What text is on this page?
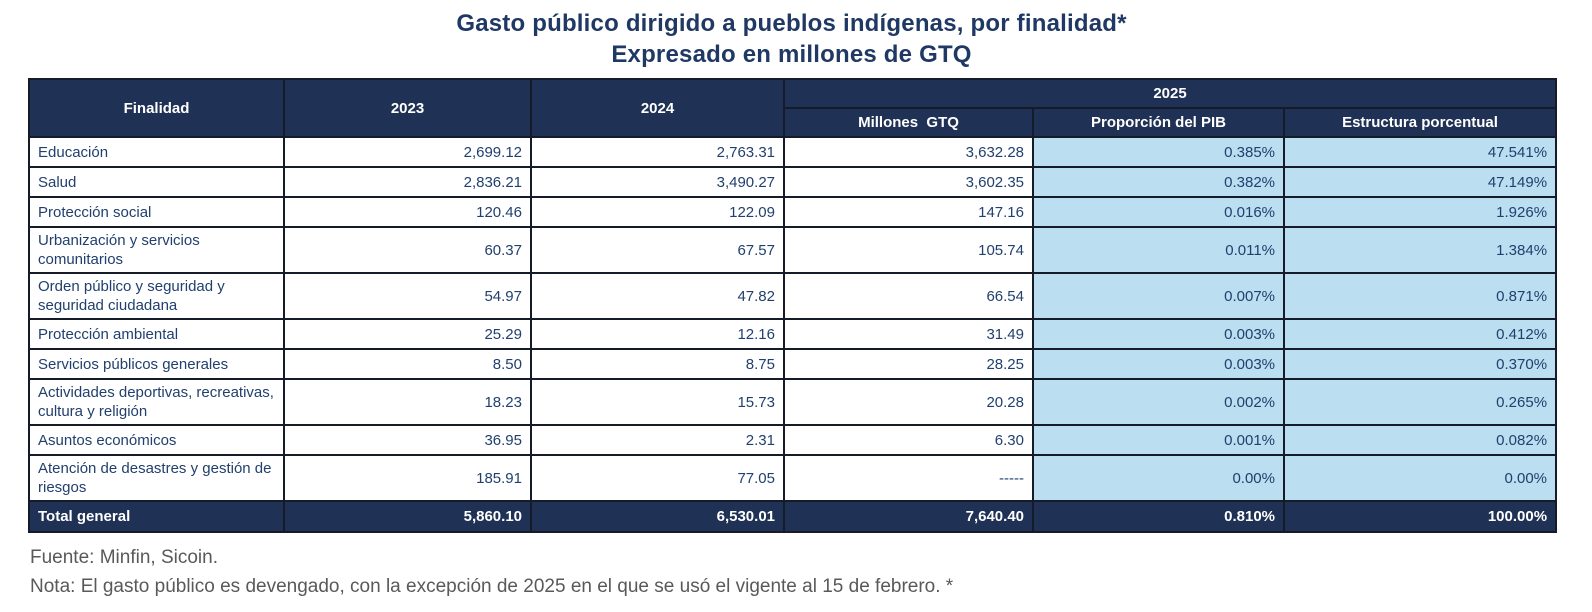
Gasto público dirigido a pueblos indígenas, por finalidad*
Expresado en millones de GTQ
Finalidad	2023	2024	2025		
			Millones  GTQ	Proporción del PIB	Estructura porcentual
Educación	2,699.12	2,763.31	3,632.28	0.385%	47.541%
Salud	2,836.21	3,490.27	3,602.35	0.382%	47.149%
Protección social	120.46	122.09	147.16	0.016%	1.926%
Urbanización y servicios comunitarios	60.37	67.57	105.74	0.011%	1.384%
Orden público y seguridad y seguridad ciudadana	54.97	47.82	66.54	0.007%	0.871%
Protección ambiental	25.29	12.16	31.49	0.003%	0.412%
Servicios públicos generales	8.50	8.75	28.25	0.003%	0.370%
Actividades deportivas, recreativas, cultura y religión	18.23	15.73	20.28	0.002%	0.265%
Asuntos económicos	36.95	2.31	6.30	0.001%	0.082%
Atención de desastres y gestión de riesgos	185.91	77.05	-----	0.00%	0.00%
Total general	5,860.10	6,530.01	7,640.40	0.810%	100.00%
Fuente: Minfin, Sicoin.
Nota: El gasto público es devengado, con la excepción de 2025 en el que se usó el vigente al 15 de febrero. *
